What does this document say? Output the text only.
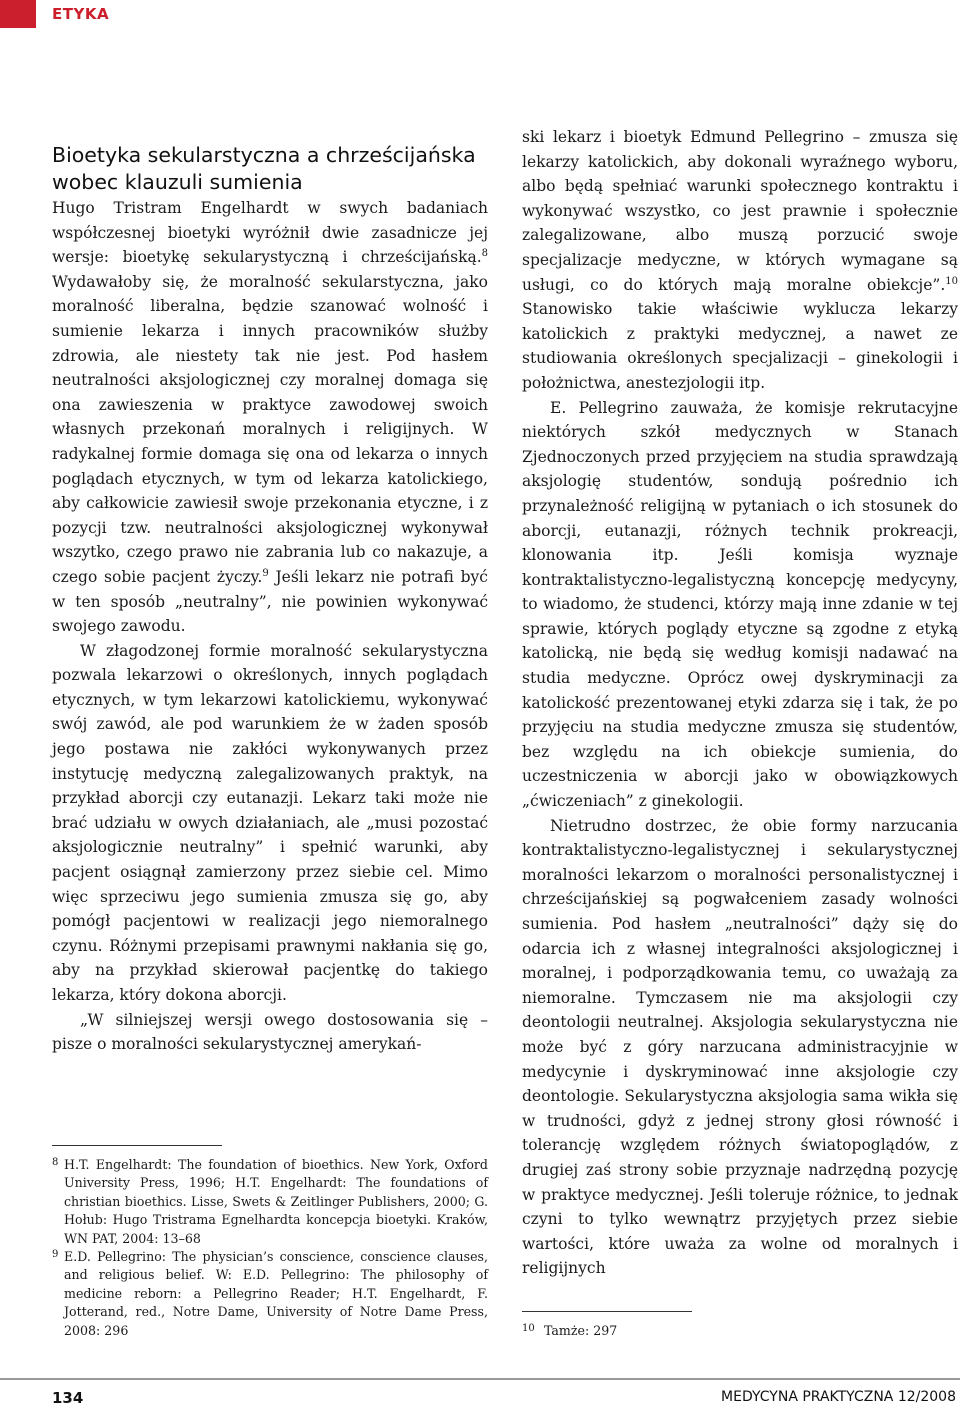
ETYKA
Bioetyka sekularstyczna a chrześcijańska wobec klauzuli sumienia

Hugo Tristram Engelhardt w swych badaniach współczesnej bioetyki wyróżnił dwie zasadnicze jej wersje: bioetykę sekularystyczną i chrześcijańską.$^8$ Wydawałoby się, że moralność sekularstyczna, jako moralność liberalna, będzie szanować wolność i sumienie lekarza i innych pracowników służby zdrowia, ale niestety tak nie jest. Pod hasłem neutralności aksjologicznej czy moralnej domaga się ona zawieszenia w praktyce zawodowej swoich własnych przekonań moralnych i religijnych. W radykalnej formie domaga się ona od lekarza o innych poglądach etycznych, w tym od lekarza katolickiego, aby całkowicie zawiesił swoje przekonania etyczne, i z pozycji tzw. neutralności aksjologicznej wykonywał wszytko, czego prawo nie zabrania lub co nakazuje, a czego sobie pacjent życzy.$^9$ Jeśli lekarz nie potrafi być w ten sposób „neutralny”, nie powinien wykonywać swojego zawodu.

W złagodzonej formie moralność sekularystyczna pozwala lekarzowi o określonych, innych poglądach etycznych, w tym lekarzowi katolickiemu, wykonywać swój zawód, ale pod warunkiem że w żaden sposób jego postawa nie zakłóci wykonywanych przez instytucję medyczną zalegalizowanych praktyk, na przykład aborcji czy eutanazji. Lekarz taki może nie brać udziału w owych działaniach, ale „musi pozostać aksjologicznie neutralny” i spełnić warunki, aby pacjent osiągnął zamierzony przez siebie cel. Mimo więc sprzeciwu jego sumienia zmusza się go, aby pomógł pacjentowi w realizacji jego niemoralnego czynu. Różnymi przepisami prawnymi nakłania się go, aby na przykład skierował pacjentkę do takiego lekarza, który dokona aborcji.

„W silniejszej wersji owego dostosowania się – pisze o moralności sekularystycznej amerykań-

ski lekarz i bioetyk Edmund Pellegrino – zmusza się lekarzy katolickich, aby dokonali wyraźnego wyboru, albo będą spełniać warunki społecznego kontraktu i wykonywać wszystko, co jest prawnie i społecznie zalegalizowane, albo muszą porzucić swoje specjalizacje medyczne, w których wymagane są usługi, co do których mają moralne obiekcje”.$^{10}$ Stanowisko takie właściwie wyklucza lekarzy katolickich z praktyki medycznej, a nawet ze studiowania określonych specjalizacji – ginekologii i położnictwa, anestezjologii itp.

E. Pellegrino zauważa, że komisje rekrutacyjne niektórych szkół medycznych w Stanach Zjednoczonych przed przyjęciem na studia sprawdzają aksjologię studentów, sondują pośrednio ich przynależność religijną w pytaniach o ich stosunek do aborcji, eutanazji, różnych technik prokreacji, klonowania itp. Jeśli komisja wyznaje kontraktalistyczno-legalistyczną koncepcję medycyny, to wiadomo, że studenci, którzy mają inne zdanie w tej sprawie, których poglądy etyczne są zgodne z etyką katolicką, nie będą się według komisji nadawać na studia medyczne. Oprócz owej dyskryminacji za katolickość prezentowanej etyki zdarza się i tak, że po przyjęciu na studia medyczne zmusza się studentów, bez względu na ich obiekcje sumienia, do uczestniczenia w aborcji jako w obowiązkowych „ćwiczeniach” z ginekologii.

Nietrudno dostrzec, że obie formy narzucania kontraktalistyczno-legalistycznej i sekularystycznej moralności lekarzom o moralności personalistycznej i chrześcijańskiej są pogwałceniem zasady wolności sumienia. Pod hasłem „neutralności” dąży się do odarcia ich z własnej integralności aksjologicznej i moralnej, i podporządkowania temu, co uważają za niemoralne. Tymczasem nie ma aksjologii czy deontologii neutralnej. Aksjologia sekularystyczna nie może być z góry narzucana administracyjnie w medycynie i dyskryminować inne aksjologie czy deontologie. Sekularystyczna aksjologia sama wikła się w trudności, gdyż z jednej strony głosi równość i tolerancję względem różnych światopoglądów, z drugiej zaś strony sobie przyznaje nadrzędną pozycję w praktyce medycznej. Jeśli toleruje różnice, to jednak czyni to tylko wewnątrz przyjętych przez siebie wartości, które uważa za wolne od moralnych i religijnych

8 H.T. Engelhardt: The foundation of bioethics. New York, Oxford University Press, 1996; H.T. Engelhardt: The foundations of christian bioethics. Lisse, Swets & Zeitlinger Publishers, 2000; G. Hołub: Hugo Tristrama Egnelhardta koncepcja bioetyki. Kraków, WN PAT, 2004: 13–68
9 E.D. Pellegrino: The physician’s conscience, conscience clauses, and religious belief. W: E.D. Pellegrino: The philosophy of medicine reborn: a Pellegrino Reader; H.T. Engelhardt, F. Jotterand, red., Notre Dame, University of Notre Dame Press, 2008: 296	10 Tamże: 297
134	MEDYCYNA PRAKTYCZNA 12/2008
